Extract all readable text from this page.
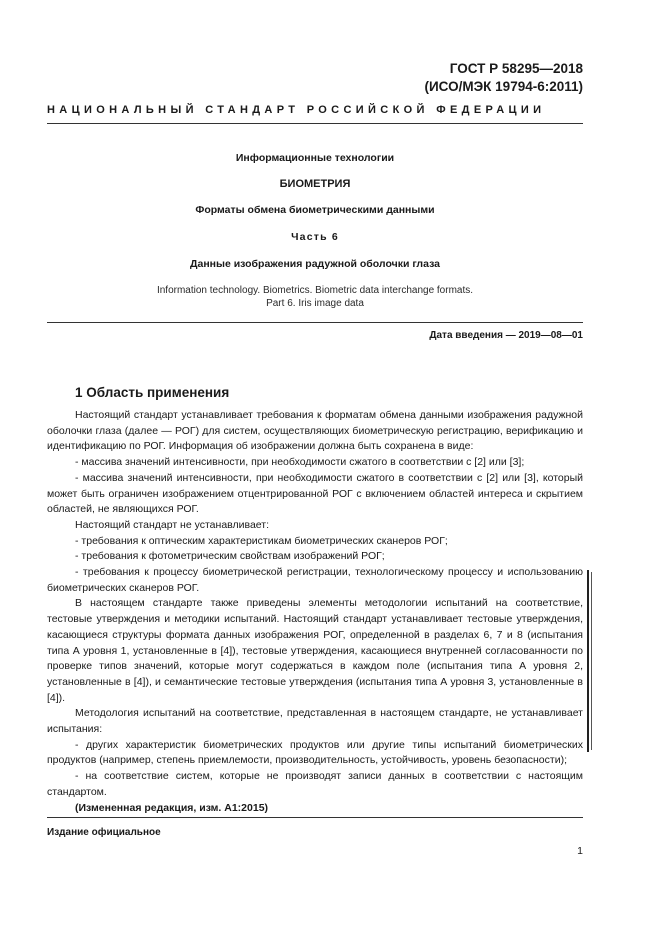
ГОСТ Р 58295—2018
(ИСО/МЭК 19794-6:2011)
НАЦИОНАЛЬНЫЙ СТАНДАРТ РОССИЙСКОЙ ФЕДЕРАЦИИ
Информационные технологии
БИОМЕТРИЯ
Форматы обмена биометрическими данными
Часть 6
Данные изображения радужной оболочки глаза
Information technology. Biometrics. Biometric data interchange formats.
Part 6. Iris image data
Дата введения — 2019—08—01
1 Область применения
Настоящий стандарт устанавливает требования к форматам обмена данными изображения радужной оболочки глаза (далее — РОГ) для систем, осуществляющих биометрическую регистрацию, верификацию и идентификацию по РОГ. Информация об изображении должна быть сохранена в виде:
- массива значений интенсивности, при необходимости сжатого в соответствии с [2] или [3];
- массива значений интенсивности, при необходимости сжатого в соответствии с [2] или [3], который может быть ограничен изображением отцентрированной РОГ с включением областей интереса и скрытием областей, не являющихся РОГ.
Настоящий стандарт не устанавливает:
- требования к оптическим характеристикам биометрических сканеров РОГ;
- требования к фотометрическим свойствам изображений РОГ;
- требования к процессу биометрической регистрации, технологическому процессу и использованию биометрических сканеров РОГ.
В настоящем стандарте также приведены элементы методологии испытаний на соответствие, тестовые утверждения и методики испытаний. Настоящий стандарт устанавливает тестовые утверждения, касающиеся структуры формата данных изображения РОГ, определенной в разделах 6, 7 и 8 (испытания типа А уровня 1, установленные в [4]), тестовые утверждения, касающиеся внутренней согласованности по проверке типов значений, которые могут содержаться в каждом поле (испытания типа А уровня 2, установленные в [4]), и семантические тестовые утверждения (испытания типа А уровня 3, установленные в [4]).
Методология испытаний на соответствие, представленная в настоящем стандарте, не устанавливает испытания:
- других характеристик биометрических продуктов или другие типы испытаний биометрических продуктов (например, степень приемлемости, производительность, устойчивость, уровень безопасности);
- на соответствие систем, которые не производят записи данных в соответствии с настоящим стандартом.
(Измененная редакция, изм. А1:2015)
Издание официальное
1
